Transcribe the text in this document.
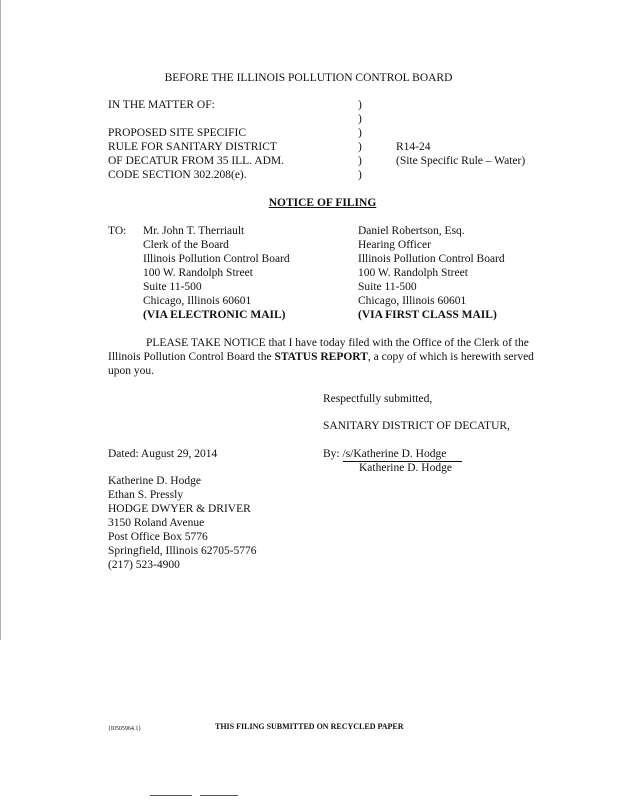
BEFORE THE ILLINOIS POLLUTION CONTROL BOARD
IN THE MATTER OF:
PROPOSED SITE SPECIFIC
RULE FOR SANITARY DISTRICT
OF DECATUR FROM 35 ILL. ADM.
CODE SECTION 302.208(e).
)
)
)
)
)
)
R14-24
(Site Specific Rule – Water)
NOTICE OF FILING
TO: Mr. John T. Therriault
Clerk of the Board
Illinois Pollution Control Board
100 W. Randolph Street
Suite 11-500
Chicago, Illinois 60601
(VIA ELECTRONIC MAIL)
Daniel Robertson, Esq.
Hearing Officer
Illinois Pollution Control Board
100 W. Randolph Street
Suite 11-500
Chicago, Illinois 60601
(VIA FIRST CLASS MAIL)
PLEASE TAKE NOTICE that I have today filed with the Office of the Clerk of the Illinois Pollution Control Board the STATUS REPORT, a copy of which is herewith served upon you.
Respectfully submitted,
SANITARY DISTRICT OF DECATUR,
Dated: August 29, 2014	By: /s/Katherine D. Hodge
Katherine D. Hodge
Katherine D. Hodge
Ethan S. Pressly
HODGE DWYER & DRIVER
3150 Roland Avenue
Post Office Box 5776
Springfield, Illinois 62705-5776
(217) 523-4900
{I0505964.1}	THIS FILING SUBMITTED ON RECYCLED PAPER
